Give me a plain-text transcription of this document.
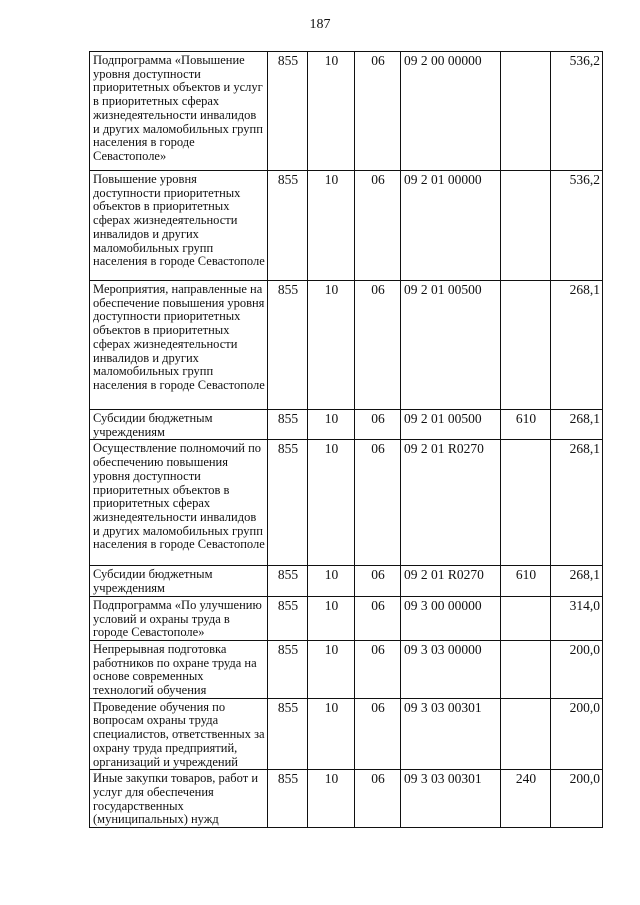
187
Подпрограмма «Повышение уровня доступности приоритетных объектов и услуг в приоритетных сферах жизнедеятельности инвалидов и других маломобильных групп населения в городе Севастополе»	855	10	06	09 2 00 00000		536,2
Повышение уровня доступности приоритетных объектов в приоритетных сферах жизнедеятельности инвалидов и других маломобильных групп населения в городе Севастополе	855	10	06	09 2 01 00000		536,2
Мероприятия, направленные на обеспечение повышения уровня доступности приоритетных объектов в приоритетных сферах жизнедеятельности инвалидов и других маломобильных групп населения в городе Севастополе	855	10	06	09 2 01 00500		268,1
Субсидии бюджетным учреждениям	855	10	06	09 2 01 00500	610	268,1
Осуществление полномочий по обеспечению повышения уровня доступности приоритетных объектов в приоритетных сферах жизнедеятельности инвалидов и других маломобильных групп населения в городе Севастополе	855	10	06	09 2 01 R0270		268,1
Субсидии бюджетным учреждениям	855	10	06	09 2 01 R0270	610	268,1
Подпрограмма «По улучшению условий и охраны труда в городе Севастополе»	855	10	06	09 3 00 00000		314,0
Непрерывная подготовка работников по охране труда на основе современных технологий обучения	855	10	06	09 3 03 00000		200,0
Проведение обучения по вопросам охраны труда специалистов, ответственных за охрану труда предприятий, организаций и учреждений	855	10	06	09 3 03 00301		200,0
Иные закупки товаров, работ и услуг для обеспечения государственных (муниципальных) нужд	855	10	06	09 3 03 00301	240	200,0
